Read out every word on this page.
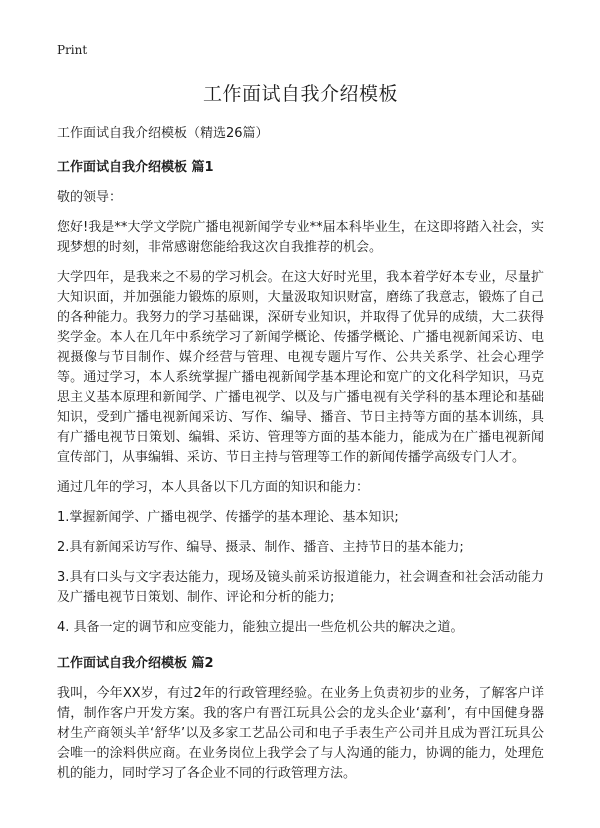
Print
工作面试自我介绍模板

工作面试自我介绍模板（精选26篇）

工作面试自我介绍模板 篇1

敬的领导：

您好!我是**大学文学院广播电视新闻学专业**届本科毕业生，在这即将踏入社会，实现梦想的时刻，非常感谢您能给我这次自我推荐的机会。

大学四年，是我来之不易的学习机会。在这大好时光里，我本着学好本专业，尽量扩大知识面，并加强能力锻炼的原则，大量汲取知识财富，磨练了我意志，锻炼了自己的各种能力。我努力的学习基础课，深研专业知识，并取得了优异的成绩，大二获得奖学金。本人在几年中系统学习了新闻学概论、传播学概论、广播电视新闻采访、电视摄像与节目制作、媒介经营与管理、电视专题片写作、公共关系学、社会心理学等。通过学习，本人系统掌握广播电视新闻学基本理论和宽广的文化科学知识，马克思主义基本原理和新闻学、广播电视学、以及与广播电视有关学科的基本理论和基础知识，受到广播电视新闻采访、写作、编导、播音、节日主持等方面的基本训练，具有广播电视节日策划、编辑、采访、管理等方面的基本能力，能成为在广播电视新闻宣传部门，从事编辑、采访、节日主持与管理等工作的新闻传播学高级专门人才。

通过几年的学习，本人具备以下几方面的知识和能力：

1.掌握新闻学、广播电视学、传播学的基本理论、基本知识;

2.具有新闻采访写作、编导、摄录、制作、播音、主持节日的基本能力;

3.具有口头与文字表达能力，现场及镜头前采访报道能力，社会调查和社会活动能力及广播电视节日策划、制作、评论和分析的能力;

4. 具备一定的调节和应变能力，能独立提出一些危机公共的解决之道。

工作面试自我介绍模板 篇2

我叫，今年XX岁，有过2年的行政管理经验。在业务上负责初步的业务，了解客户详情，制作客户开发方案。我的客户有晋江玩具公会的龙头企业‘嘉利’，有中国健身器材生产商领头羊‘舒华’以及多家工艺品公司和电子手表生产公司并且成为晋江玩具公会唯一的涂料供应商。在业务岗位上我学会了与人沟通的能力，协调的能力，处理危机的能力，同时学习了各企业不同的行政管理方法。
